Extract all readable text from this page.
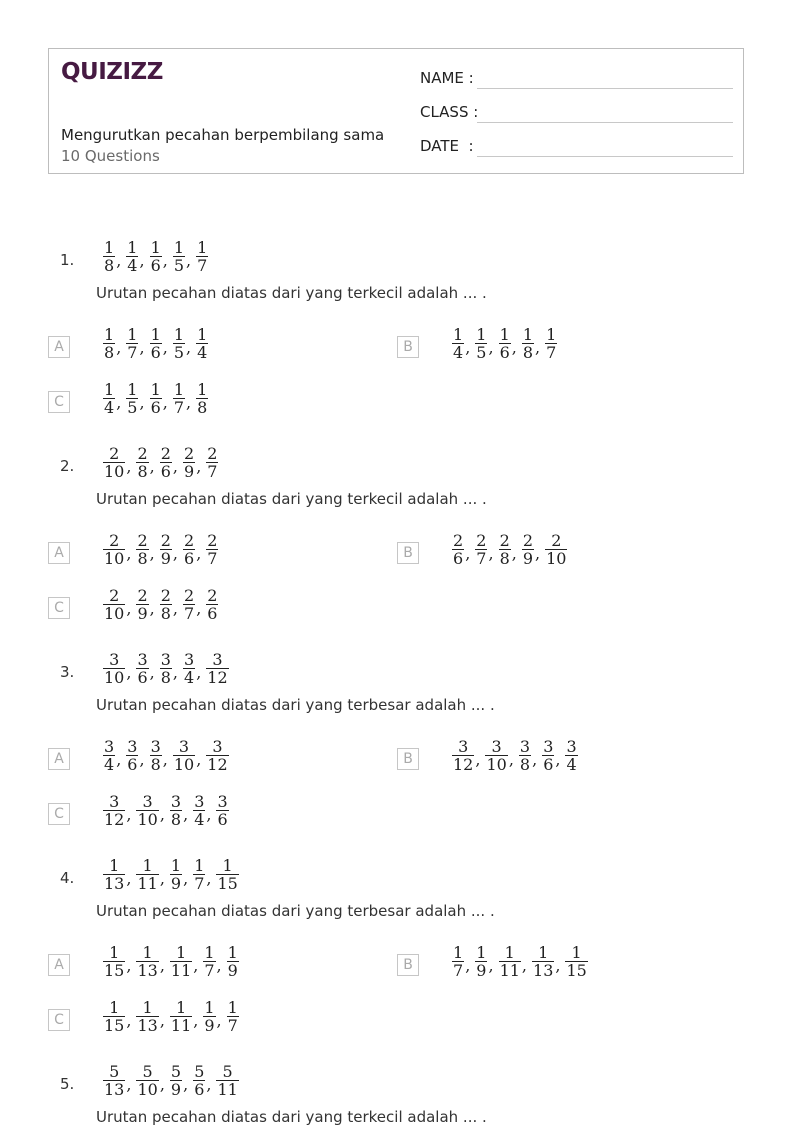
QUIZIZZ
Mengurutkan pecahan berpembilang sama
10 Questions
NAME :
CLASS :
DATE  :
1. $\frac{1}{8}$ , $\frac{1}{4}$ , $\frac{1}{6}$ , $\frac{1}{5}$ , $\frac{1}{7}$
Urutan pecahan diatas dari yang terkecil adalah ... .
A	$\frac{1}{8}$ , $\frac{1}{7}$ , $\frac{1}{6}$ , $\frac{1}{5}$ , $\frac{1}{4}$	B	$\frac{1}{4}$ , $\frac{1}{5}$ , $\frac{1}{6}$ , $\frac{1}{8}$ , $\frac{1}{7}$
C	$\frac{1}{4}$ , $\frac{1}{5}$ , $\frac{1}{6}$ , $\frac{1}{7}$ , $\frac{1}{8}$
2. $\frac{2}{10}$ , $\frac{2}{8}$ , $\frac{2}{6}$ , $\frac{2}{9}$ , $\frac{2}{7}$
Urutan pecahan diatas dari yang terkecil adalah ... .
A	$\frac{2}{10}$ , $\frac{2}{8}$ , $\frac{2}{9}$ , $\frac{2}{6}$ , $\frac{2}{7}$	B	$\frac{2}{6}$ , $\frac{2}{7}$ , $\frac{2}{8}$ , $\frac{2}{9}$ , $\frac{2}{10}$
C	$\frac{2}{10}$ , $\frac{2}{9}$ , $\frac{2}{8}$ , $\frac{2}{7}$ , $\frac{2}{6}$
3. $\frac{3}{10}$ , $\frac{3}{6}$ , $\frac{3}{8}$ , $\frac{3}{4}$ , $\frac{3}{12}$
Urutan pecahan diatas dari yang terbesar adalah ... .
A	$\frac{3}{4}$ , $\frac{3}{6}$ , $\frac{3}{8}$ , $\frac{3}{10}$ , $\frac{3}{12}$	B	$\frac{3}{12}$ , $\frac{3}{10}$ , $\frac{3}{8}$ , $\frac{3}{6}$ , $\frac{3}{4}$
C	$\frac{3}{12}$ , $\frac{3}{10}$ , $\frac{3}{8}$ , $\frac{3}{4}$ , $\frac{3}{6}$
4. $\frac{1}{13}$ , $\frac{1}{11}$ , $\frac{1}{9}$ , $\frac{1}{7}$ , $\frac{1}{15}$
Urutan pecahan diatas dari yang terbesar adalah ... .
A	$\frac{1}{15}$ , $\frac{1}{13}$ , $\frac{1}{11}$ , $\frac{1}{7}$ , $\frac{1}{9}$	B	$\frac{1}{7}$ , $\frac{1}{9}$ , $\frac{1}{11}$ , $\frac{1}{13}$ , $\frac{1}{15}$
C	$\frac{1}{15}$ , $\frac{1}{13}$ , $\frac{1}{11}$ , $\frac{1}{9}$ , $\frac{1}{7}$
5. $\frac{5}{13}$ , $\frac{5}{10}$ , $\frac{5}{9}$ , $\frac{5}{6}$ , $\frac{5}{11}$
Urutan pecahan diatas dari yang terkecil adalah ... .
